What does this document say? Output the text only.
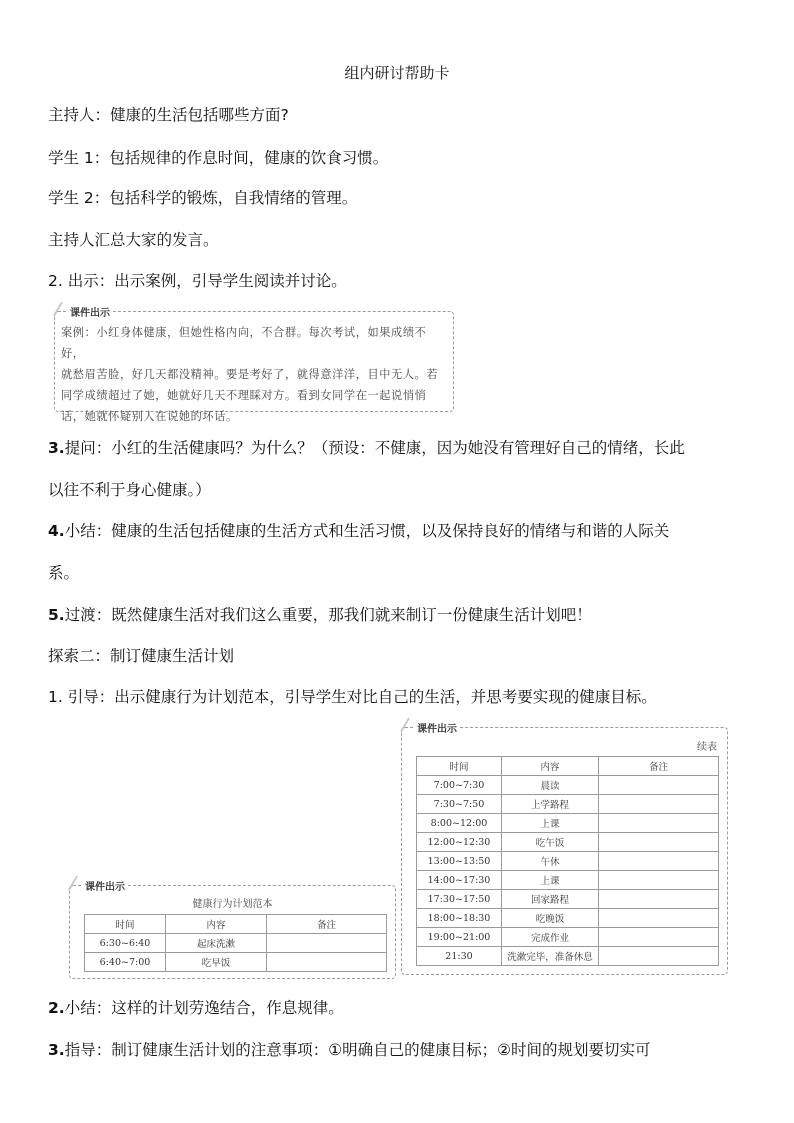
组内研讨帮助卡
主持人：健康的生活包括哪些方面?
学生 1：包括规律的作息时间，健康的饮食习惯。
学生 2：包括科学的锻炼，自我情绪的管理。
主持人汇总大家的发言。
2. 出示：出示案例，引导学生阅读并讨论。
课件出示
案例：小红身体健康，但她性格内向，不合群。每次考试，如果成绩不好，
就愁眉苦脸，好几天都没精神。要是考好了，就得意洋洋，目中无人。若
同学成绩超过了她，她就好几天不理睬对方。看到女同学在一起说悄悄
话，她就怀疑别人在说她的坏话。
3.提问：小红的生活健康吗？为什么？（预设：不健康，因为她没有管理好自己的情绪，长此
以往不利于身心健康。）
4.小结：健康的生活包括健康的生活方式和生活习惯，以及保持良好的情绪与和谐的人际关
系。
5.过渡：既然健康生活对我们这么重要，那我们就来制订一份健康生活计划吧！
探索二：制订健康生活计划
1. 引导：出示健康行为计划范本，引导学生对比自己的生活，并思考要实现的健康目标。
课件出示
健康行为计划范本
时间	内容	备注
6:30~6:40	起床洗漱	
6:40~7:00	吃早饭	
课件出示
续表
时间	内容	备注
7:00~7:30	晨读	
7:30~7:50	上学路程	
8:00~12:00	上课	
12:00~12:30	吃午饭	
13:00~13:50	午休	
14:00~17:30	上课	
17:30~17:50	回家路程	
18:00~18:30	吃晚饭	
19:00~21:00	完成作业	
21:30	洗漱完毕，准备休息	
2.小结：这样的计划劳逸结合，作息规律。
3.指导：制订健康生活计划的注意事项：①明确自己的健康目标；②时间的规划要切实可
